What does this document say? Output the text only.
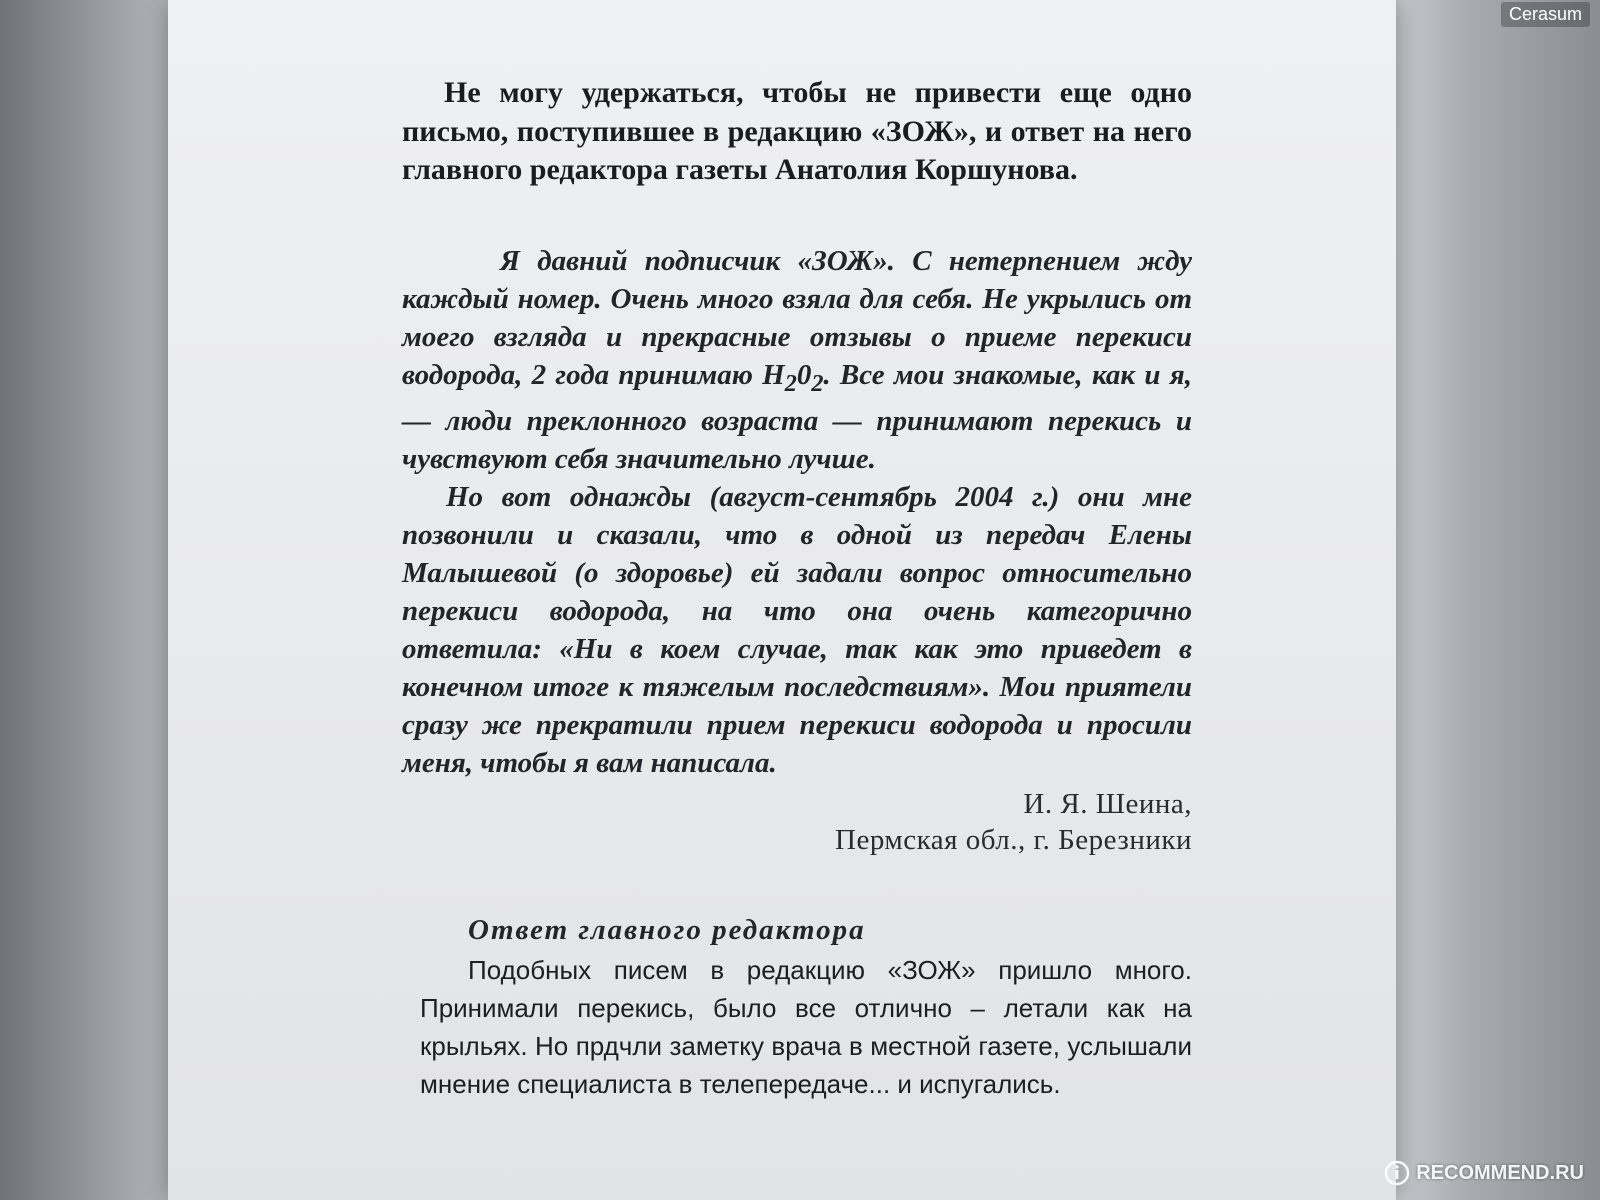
Не могу удержаться, чтобы не привести еще одно письмо, поступившее в редакцию «ЗОЖ», и ответ на него главного редактора газеты Анатолия Коршунова.

Я давний подписчик «ЗОЖ». С нетерпением жду каждый номер. Очень много взяла для себя. Не укрылись от моего взгляда и прекрасные отзывы о приеме перекиси водорода, 2 года принимаю $H_20_2$. Все мои знакомые, как и я, — люди преклонного возраста — принимают перекись и чувствуют себя значительно лучше.

Но вот однажды (август-сентябрь 2004 г.) они мне позвонили и сказали, что в одной из передач Елены Малышевой (о здоровье) ей задали вопрос относительно перекиси водорода, на что она очень категорично ответила: «Ни в коем случае, так как это приведет в конечном итоге к тяжелым последствиям». Мои приятели сразу же прекратили прием перекиси водорода и просили меня, чтобы я вам написала.

И. Я. Шеина,
Пермская обл., г. Березники
Ответ главного редактора

Подобных писем в редакцию «ЗОЖ» пришло много. Принимали перекись, было все отлично – летали как на крыльях. Но прдчли заметку врача в местной газете, услышали мнение специалиста в телепередаче... и испугались.

Cerasum
RECOMMEND.RU
